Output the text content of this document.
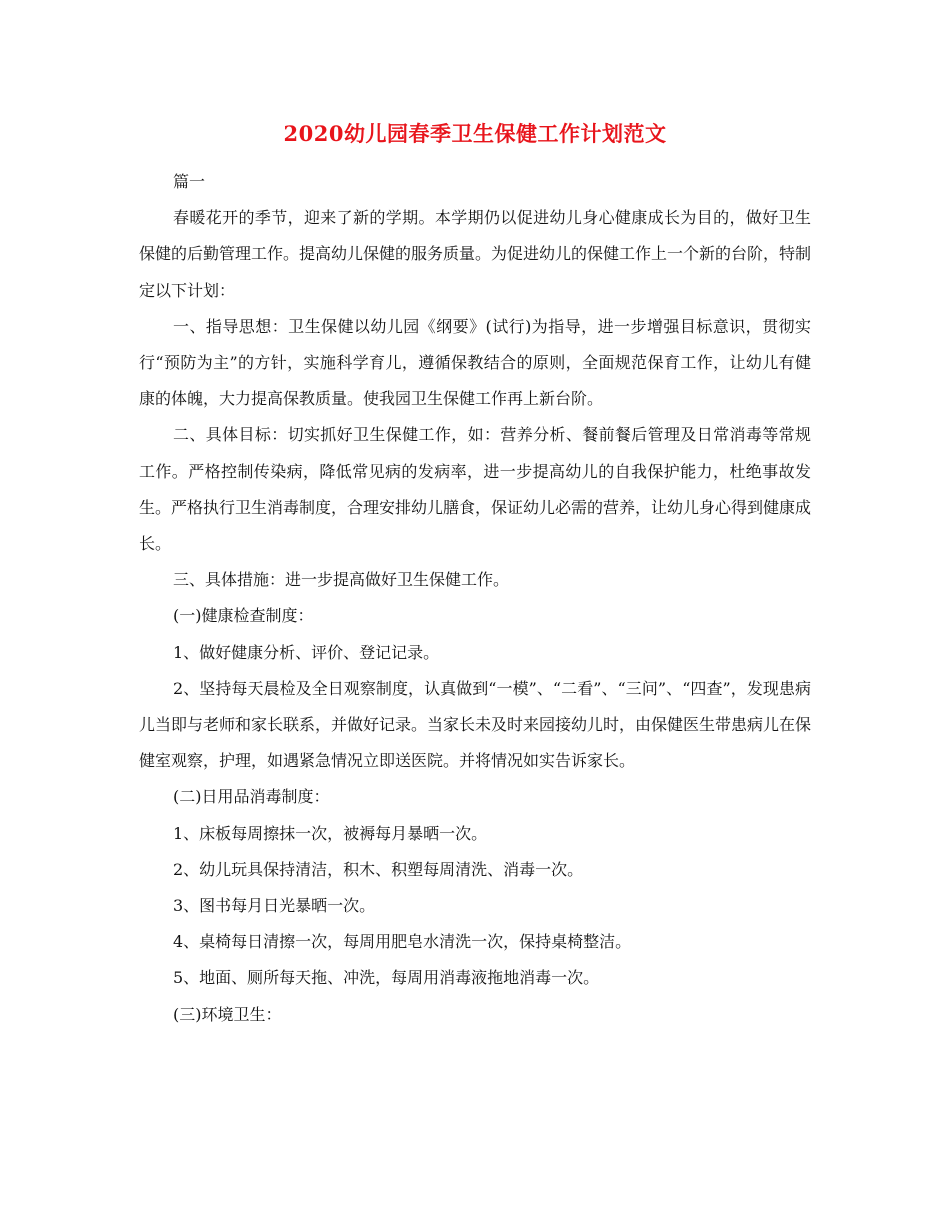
2020幼儿园春季卫生保健工作计划范文

篇一

春暖花开的季节，迎来了新的学期。本学期仍以促进幼儿身心健康成长为目的，做好卫生保健的后勤管理工作。提高幼儿保健的服务质量。为促进幼儿的保健工作上一个新的台阶，特制定以下计划：

一、指导思想：卫生保健以幼儿园《纲要》(试行)为指导，进一步增强目标意识，贯彻实行“预防为主”的方针，实施科学育儿，遵循保教结合的原则，全面规范保育工作，让幼儿有健康的体魄，大力提高保教质量。使我园卫生保健工作再上新台阶。

二、具体目标：切实抓好卫生保健工作，如：营养分析、餐前餐后管理及日常消毒等常规工作。严格控制传染病，降低常见病的发病率，进一步提高幼儿的自我保护能力，杜绝事故发生。严格执行卫生消毒制度，合理安排幼儿膳食，保证幼儿必需的营养，让幼儿身心得到健康成长。

三、具体措施：进一步提高做好卫生保健工作。

(一)健康检查制度：

1、做好健康分析、评价、登记记录。

2、坚持每天晨检及全日观察制度，认真做到“一模”、“二看”、“三问”、“四查”，发现患病儿当即与老师和家长联系，并做好记录。当家长未及时来园接幼儿时，由保健医生带患病儿在保健室观察，护理，如遇紧急情况立即送医院。并将情况如实告诉家长。

(二)日用品消毒制度：

1、床板每周擦抹一次，被褥每月暴晒一次。

2、幼儿玩具保持清洁，积木、积塑每周清洗、消毒一次。

3、图书每月日光暴晒一次。

4、桌椅每日清擦一次，每周用肥皂水清洗一次，保持桌椅整洁。

5、地面、厕所每天拖、冲洗，每周用消毒液拖地消毒一次。

(三)环境卫生：
